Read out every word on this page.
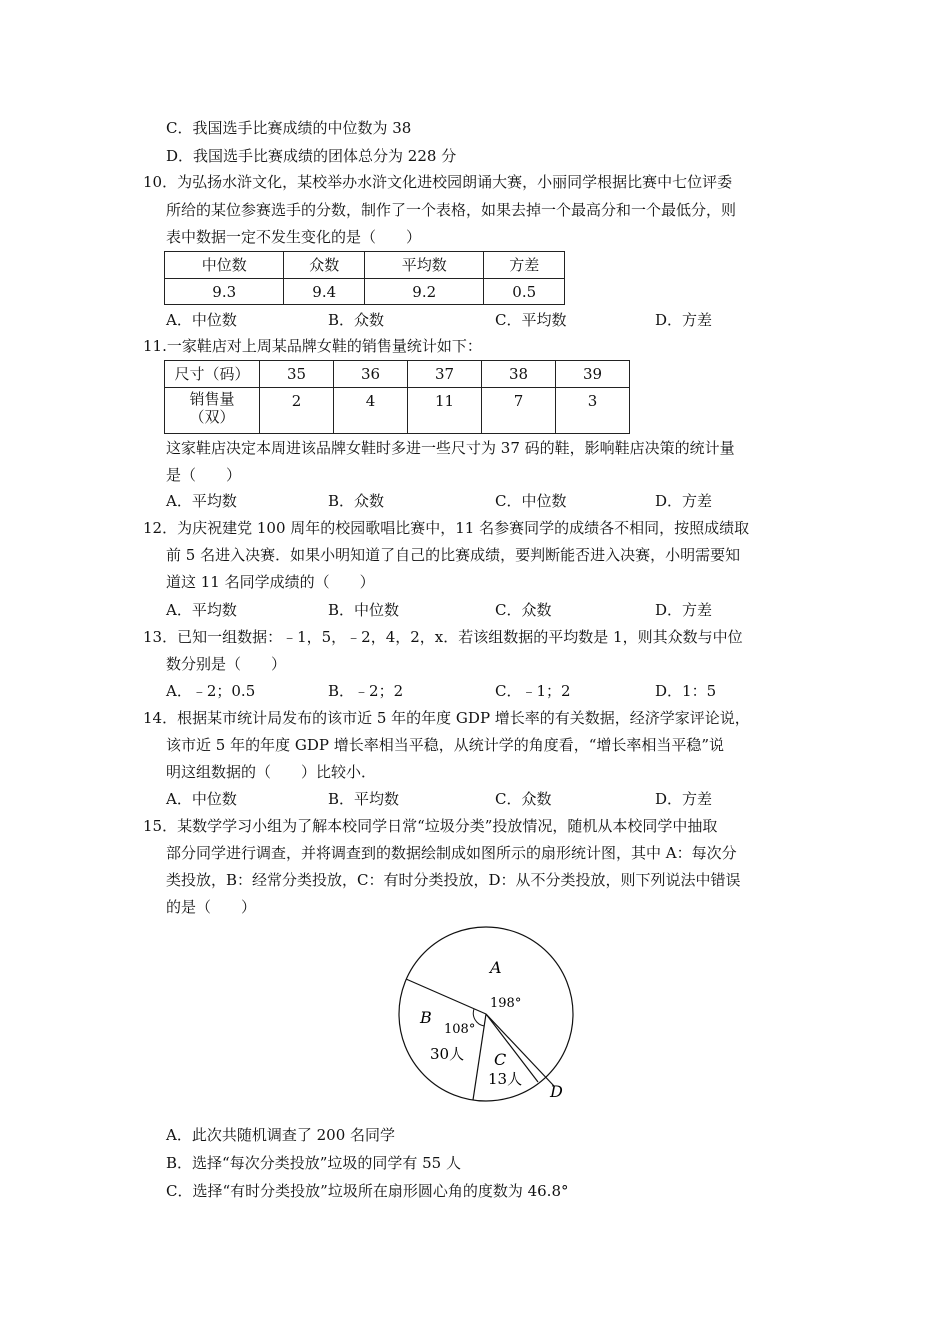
C．我国选手比赛成绩的中位数为 38
D．我国选手比赛成绩的团体总分为 228 分
10．为弘扬水浒文化，某校举办水浒文化进校园朗诵大赛，小丽同学根据比赛中七位评委
所给的某位参赛选手的分数，制作了一个表格，如果去掉一个最高分和一个最低分，则
表中数据一定不发生变化的是（　　）
中位数	众数	平均数	方差
9.3	9.4	9.2	0.5
A．中位数	B．众数	C．平均数	D．方差
11.一家鞋店对上周某品牌女鞋的销售量统计如下：
尺寸（码）	35	36	37	38	39
销售量（双）	2	4	11	7	3
这家鞋店决定本周进该品牌女鞋时多进一些尺寸为 37 码的鞋，影响鞋店决策的统计量
是（　　）
A．平均数	B．众数	C．中位数	D．方差
12．为庆祝建党 100 周年的校园歌唱比赛中，11 名参赛同学的成绩各不相同，按照成绩取
前 5 名进入决赛．如果小明知道了自己的比赛成绩，要判断能否进入决赛，小明需要知
道这 11 名同学成绩的（　　）
A．平均数	B．中位数	C．众数	D．方差
13．已知一组数据：﹣1，5，﹣2，4，2，x．若该组数据的平均数是 1，则其众数与中位
数分别是（　　）
A．﹣2；0.5	B．﹣2；2	C．﹣1；2	D．1：5
14．根据某市统计局发布的该市近 5 年的年度 GDP 增长率的有关数据，经济学家评论说，
该市近 5 年的年度 GDP 增长率相当平稳，从统计学的角度看，“增长率相当平稳”说
明这组数据的（　　）比较小．
A．中位数	B．平均数	C．众数	D．方差
15．某数学学习小组为了解本校同学日常“垃圾分类”投放情况，随机从本校同学中抽取
部分同学进行调查，并将调查到的数据绘制成如图所示的扇形统计图，其中 A：每次分
类投放，B：经常分类投放，C：有时分类投放，D：从不分类投放，则下列说法中错误
的是（　　）
A
198°
B
108°
30人 C
13人
D
A．此次共随机调查了 200 名同学
B．选择“每次分类投放”垃圾的同学有 55 人
C．选择“有时分类投放”垃圾所在扇形圆心角的度数为 46.8°
